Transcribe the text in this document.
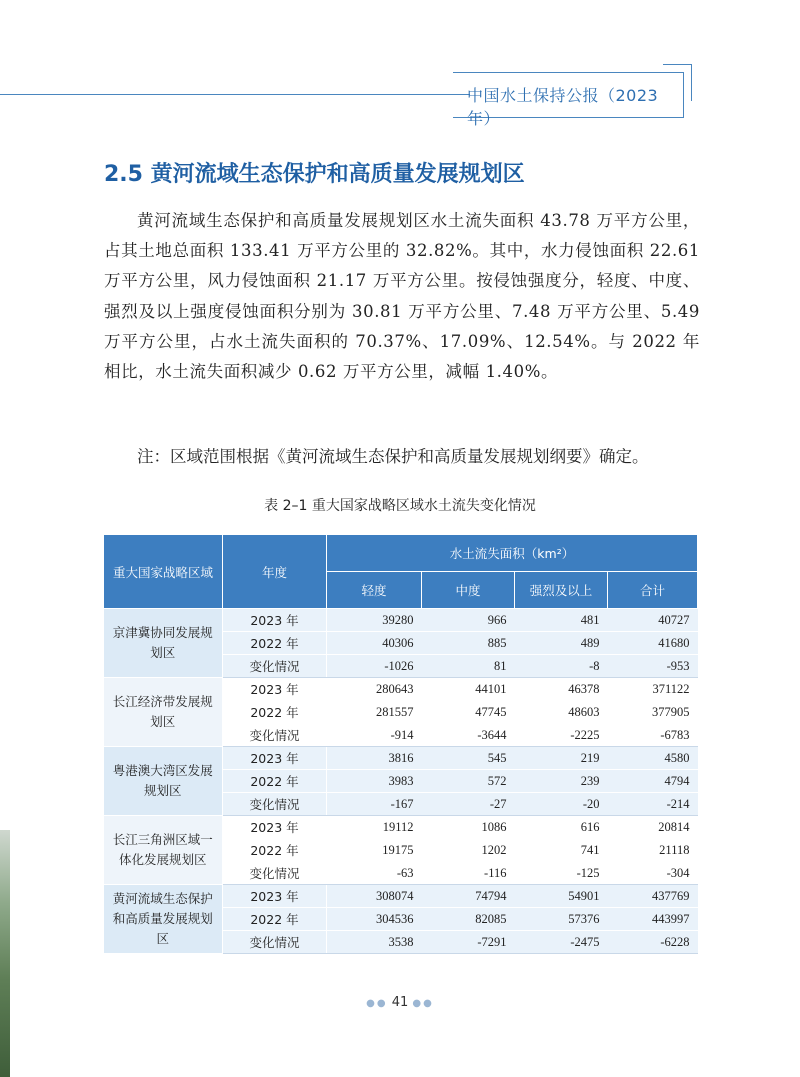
中国水土保持公报（2023 年）
2.5 黄河流域生态保护和高质量发展规划区
黄河流域生态保护和高质量发展规划区水土流失面积 43.78 万平方公里，占其土地总面积 133.41 万平方公里的 32.82%。其中，水力侵蚀面积 22.61 万平方公里，风力侵蚀面积 21.17 万平方公里。按侵蚀强度分，轻度、中度、强烈及以上强度侵蚀面积分别为 30.81 万平方公里、7.48 万平方公里、5.49 万平方公里，占水土流失面积的 70.37%、17.09%、12.54%。与 2022 年相比，水土流失面积减少 0.62 万平方公里，减幅 1.40%。
注：区域范围根据《黄河流域生态保护和高质量发展规划纲要》确定。
表 2–1 重大国家战略区域水土流失变化情况
重大国家战略区域	年度	水土流失面积（km²）			
		轻度	中度	强烈及以上	合计
京津冀协同发展规划区	2023 年	39280	966	481	40727
	2022 年	40306	885	489	41680
	变化情况	-1026	81	-8	-953
长江经济带发展规划区	2023 年	280643	44101	46378	371122
	2022 年	281557	47745	48603	377905
	变化情况	-914	-3644	-2225	-6783
粤港澳大湾区发展规划区	2023 年	3816	545	219	4580
	2022 年	3983	572	239	4794
	变化情况	-167	-27	-20	-214
长江三角洲区域一体化发展规划区	2023 年	19112	1086	616	20814
	2022 年	19175	1202	741	21118
	变化情况	-63	-116	-125	-304
黄河流域生态保护和高质量发展规划区	2023 年	308074	74794	54901	437769
	2022 年	304536	82085	57376	443997
	变化情况	3538	-7291	-2475	-6228
●● 41 ●●
